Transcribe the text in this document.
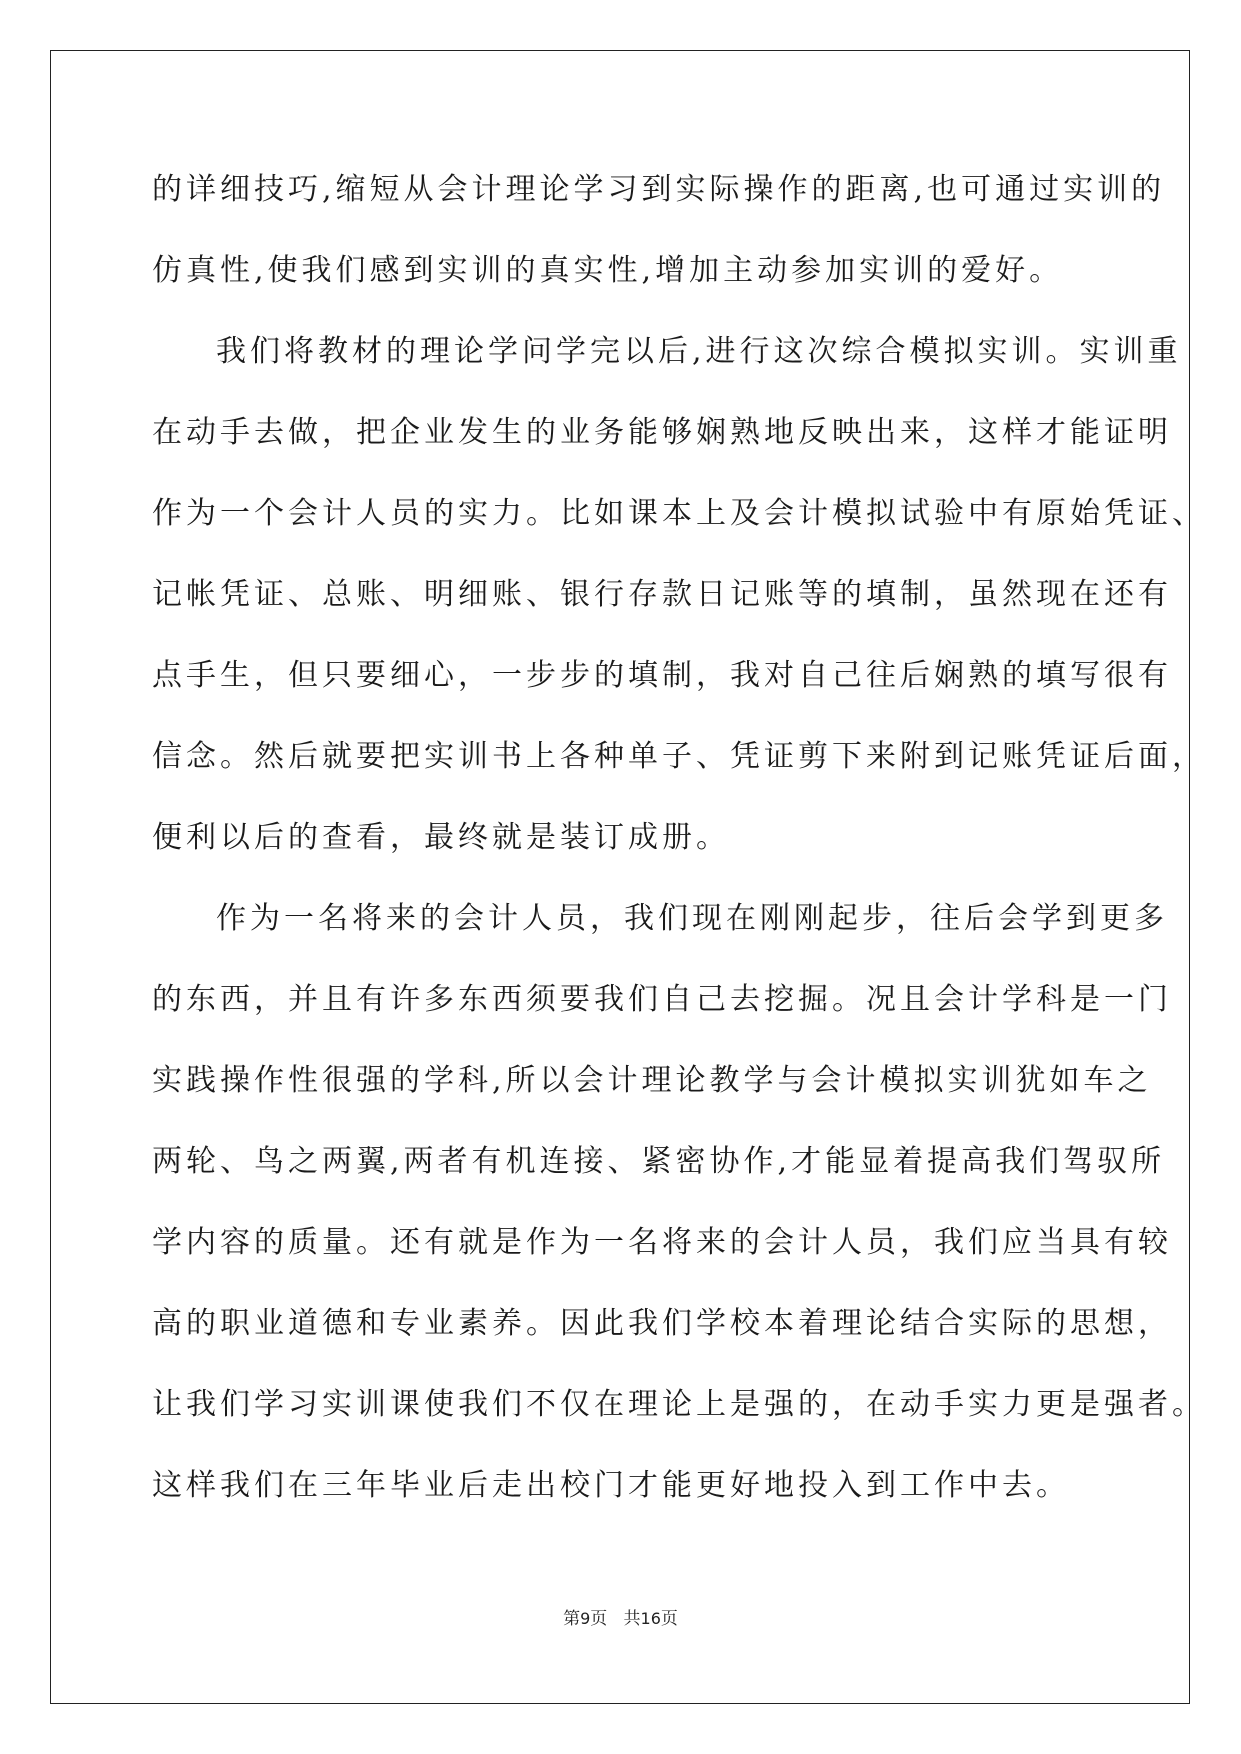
的详细技巧,缩短从会计理论学习到实际操作的距离,也可通过实训的
仿真性,使我们感到实训的真实性,增加主动参加实训的爱好。
我们将教材的理论学问学完以后,进行这次综合模拟实训。实训重
在动手去做，把企业发生的业务能够娴熟地反映出来，这样才能证明
作为一个会计人员的实力。比如课本上及会计模拟试验中有原始凭证、
记帐凭证、总账、明细账、银行存款日记账等的填制，虽然现在还有
点手生，但只要细心，一步步的填制，我对自己往后娴熟的填写很有
信念。然后就要把实训书上各种单子、凭证剪下来附到记账凭证后面，
便利以后的查看，最终就是装订成册。
作为一名将来的会计人员，我们现在刚刚起步，往后会学到更多
的东西，并且有许多东西须要我们自己去挖掘。况且会计学科是一门
实践操作性很强的学科,所以会计理论教学与会计模拟实训犹如车之
两轮、鸟之两翼,两者有机连接、紧密协作,才能显着提高我们驾驭所
学内容的质量。还有就是作为一名将来的会计人员，我们应当具有较
高的职业道德和专业素养。因此我们学校本着理论结合实际的思想，
让我们学习实训课使我们不仅在理论上是强的，在动手实力更是强者。
这样我们在三年毕业后走出校门才能更好地投入到工作中去。
第9页 共16页
